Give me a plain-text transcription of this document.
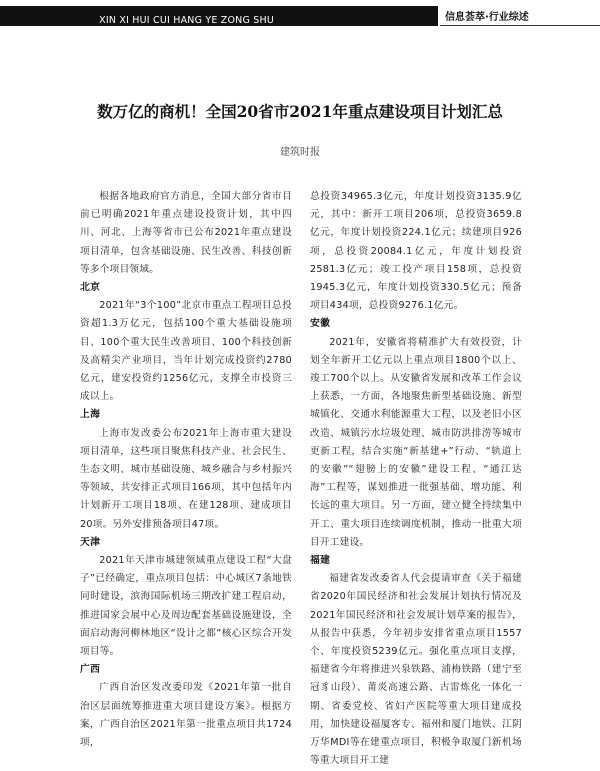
XIN XI HUI CUI HANG YE ZONG SHU	信息荟萃·行业综述
数万亿的商机！全国20省市2021年重点建设项目计划汇总
建筑时报

根据各地政府官方消息，全国大部分省市目前已明确2021年重点建设投资计划，其中四川、河北、上海等省市已公布2021年重点建设项目清单，包含基础设施、民生改善、科技创新等多个项目领域。

北京

2021年“3个100”北京市重点工程项目总投资超1.3万亿元，包括100个重大基础设施项目、100个重大民生改善项目、100个科技创新及高精尖产业项目，当年计划完成投资约2780亿元，建安投资约1256亿元，支撑全市投资三成以上。

上海

上海市发改委公布2021年上海市重大建设项目清单，这些项目聚焦科技产业、社会民生、生态文明、城市基础设施、城乡融合与乡村振兴等领域，共安排正式项目166项，其中包括年内计划新开工项目18项、在建128项、建成项目20项。另外安排预备项目47项。

天津

2021年天津市城建领域重点建设工程“大盘子”已经确定，重点项目包括：中心城区7条地铁同时建设，滨海国际机场三期改扩建工程启动，推进国家会展中心及周边配套基础设施建设，全面启动海河柳林地区“设计之都”核心区综合开发项目等。

广西

广西自治区发改委印发《2021年第一批自治区层面统筹推进重大项目建设方案》。根据方案，广西自治区2021年第一批重点项目共1724项，

总投资34965.3亿元，年度计划投资3135.9亿元，其中：新开工项目206项，总投资3659.8亿元，年度计划投资224.1亿元；续建项目926项，总投资20084.1亿元，年度计划投资2581.3亿元；竣工投产项目158项，总投资1945.3亿元，年度计划投资330.5亿元；预备项目434项，总投资9276.1亿元。

安徽

2021年，安徽省将精准扩大有效投资，计划全年新开工亿元以上重点项目1800个以上、竣工700个以上。从安徽省发展和改革工作会议上获悉，一方面，各地聚焦新型基础设施、新型城镇化、交通水利能源重大工程，以及老旧小区改造、城镇污水垃圾处理、城市防洪排涝等城市更新工程，结合实施“新基建+”行动、“轨道上的安徽”“翅膀上的安徽”建设工程、“通江达海”工程等，谋划推进一批强基础、增功能、利长远的重大项目。另一方面，建立健全持续集中开工、重大项目连续调度机制，推动一批重大项目开工建设。

福建

福建省发改委省人代会提请审查《关于福建省2020年国民经济和社会发展计划执行情况及2021年国民经济和社会发展计划草案的报告》，从报告中获悉，今年初步安排省重点项目1557个、年度投资5239亿元。强化重点项目支撑，福建省今年将推进兴泉铁路、浦梅铁路（建宁至冠豸山段）、莆炎高速公路、古雷炼化一体化一期、省委党校、省妇产医院等重大项目建成投用，加快建设福厦客专、福州和厦门地铁、江阴万华MDI等在建重点项目，积极争取厦门新机场等重大项目开工建
